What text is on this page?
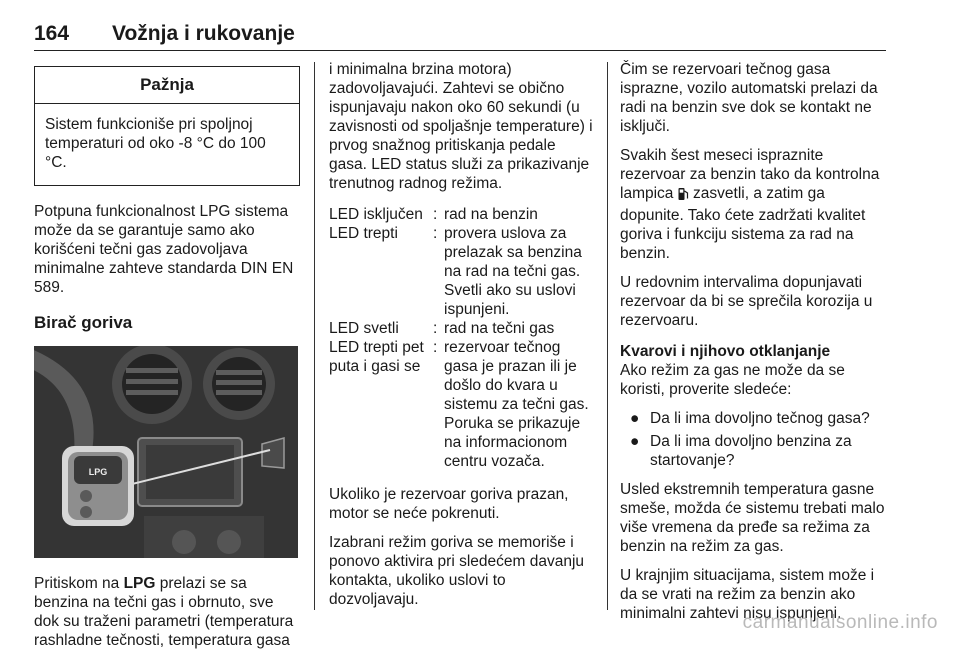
164 Vožnja i rukovanje
Pažnja
Sistem funkcioniše pri spoljnoj temperaturi od oko -8 °C do 100 °C.

Potpuna funkcionalnost LPG sistema može da se garantuje samo ako korišćeni tečni gas zadovoljava minimalne zahteve standarda DIN EN 589.

Birač goriva
LPG

Pritiskom na LPG prelazi se sa benzina na tečni gas i obrnuto, sve dok su traženi parametri (temperatura rashladne tečnosti, temperatura gasa

i minimalna brzina motora) zadovoljavajući. Zahtevi se obično ispunjavaju nakon oko 60 sekundi (u zavisnosti od spoljašnje temperature) i prvog snažnog pritiskanja pedale gasa. LED status služi za prikazivanje trenutnog radnog režima.

LED isključen	:	rad na benzin
LED trepti	:	provera uslova za prelazak sa benzina na rad na tečni gas. Svetli ako su uslovi ispunjeni.
LED svetli	:	rad na tečni gas
LED trepti pet puta i gasi se	:	rezervoar tečnog gasa je prazan ili je došlo do kvara u sistemu za tečni gas. Poruka se prikazuje na informacionom centru vozača.

Ukoliko je rezervoar goriva prazan, motor se neće pokrenuti.

Izabrani režim goriva se memoriše i ponovo aktivira pri sledećem davanju kontakta, ukoliko uslovi to dozvoljavaju.

Čim se rezervoari tečnog gasa isprazne, vozilo automatski prelazi da radi na benzin sve dok se kontakt ne isključi.

Svakih šest meseci ispraznite rezervoar za benzin tako da kontrolna lampica  zasvetli, a zatim ga dopunite. Tako ćete zadržati kvalitet goriva i funkciju sistema za rad na benzin.

U redovnim intervalima dopunjavati rezervoar da bi se sprečila korozija u rezervoaru.

Kvarovi i njihovo otklanjanje

Ako režim za gas ne može da se koristi, proverite sledeće:

● Da li ima dovoljno tečnog gasa?
● Da li ima dovoljno benzina za startovanje?

Usled ekstremnih temperatura gasne smeše, možda će sistemu trebati malo više vremena da pređe sa režima za benzin na režim za gas.

U krajnjim situacijama, sistem može i da se vrati na režim za benzin ako minimalni zahtevi nisu ispunjeni.

carmanualsonline.info
